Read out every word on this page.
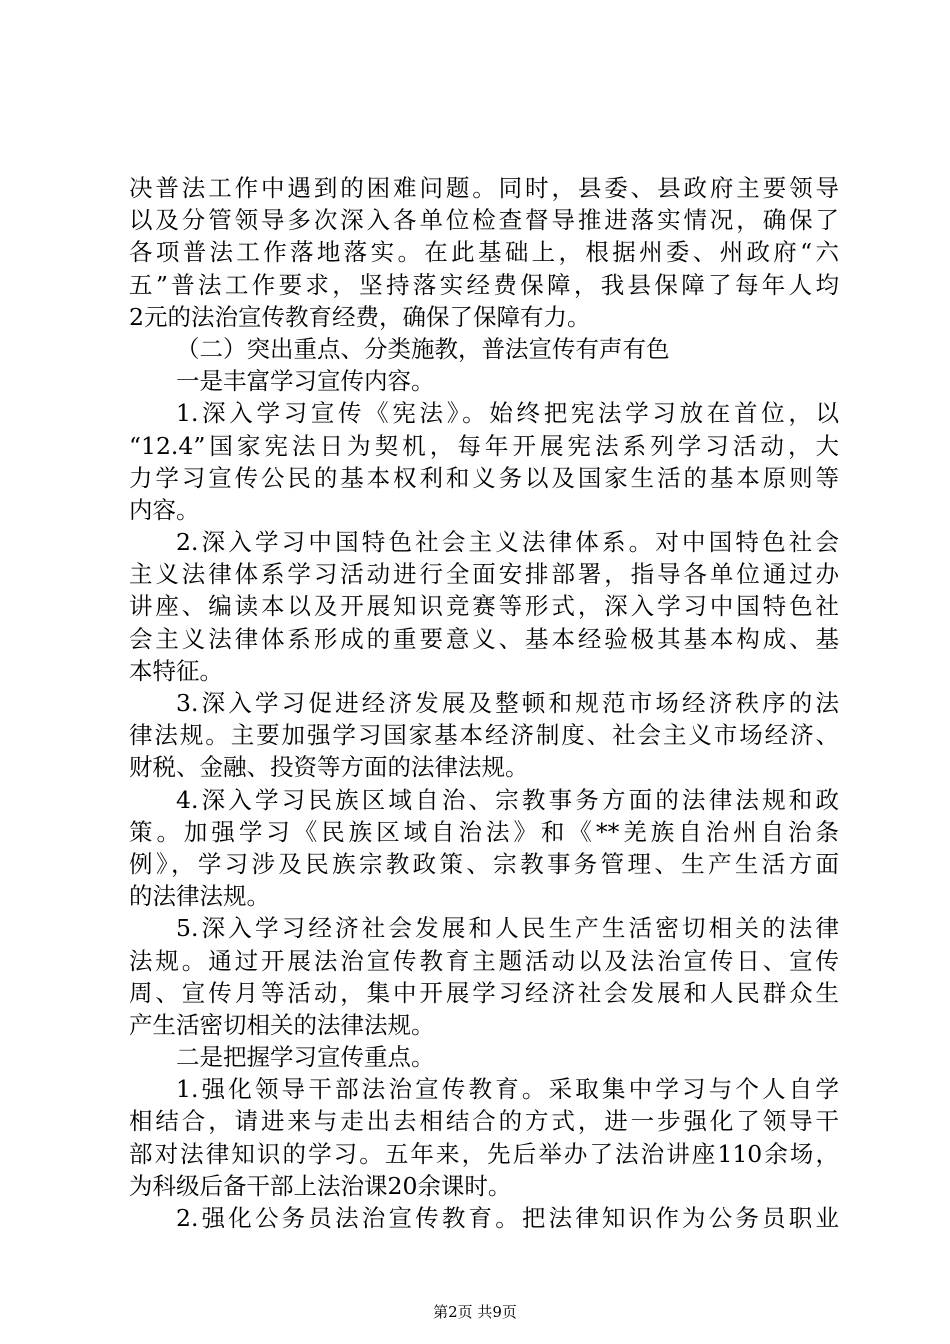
决普法工作中遇到的困难问题。同时，县委、县政府主要领导
以及分管领导多次深入各单位检查督导推进落实情况，确保了
各项普法工作落地落实。在此基础上，根据州委、州政府“六
五”普法工作要求，坚持落实经费保障，我县保障了每年人均
2元的法治宣传教育经费，确保了保障有力。
（二）突出重点、分类施教，普法宣传有声有色
一是丰富学习宣传内容。
1.深入学习宣传《宪法》。始终把宪法学习放在首位，以
“12.4”国家宪法日为契机，每年开展宪法系列学习活动，大
力学习宣传公民的基本权利和义务以及国家生活的基本原则等
内容。
2.深入学习中国特色社会主义法律体系。对中国特色社会
主义法律体系学习活动进行全面安排部署，指导各单位通过办
讲座、编读本以及开展知识竞赛等形式，深入学习中国特色社
会主义法律体系形成的重要意义、基本经验极其基本构成、基
本特征。
3.深入学习促进经济发展及整顿和规范市场经济秩序的法
律法规。主要加强学习国家基本经济制度、社会主义市场经济、
财税、金融、投资等方面的法律法规。
4.深入学习民族区域自治、宗教事务方面的法律法规和政
策。加强学习《民族区域自治法》和《**羌族自治州自治条
例》，学习涉及民族宗教政策、宗教事务管理、生产生活方面
的法律法规。
5.深入学习经济社会发展和人民生产生活密切相关的法律
法规。通过开展法治宣传教育主题活动以及法治宣传日、宣传
周、宣传月等活动，集中开展学习经济社会发展和人民群众生
产生活密切相关的法律法规。
二是把握学习宣传重点。
1.强化领导干部法治宣传教育。采取集中学习与个人自学
相结合，请进来与走出去相结合的方式，进一步强化了领导干
部对法律知识的学习。五年来，先后举办了法治讲座110余场，
为科级后备干部上法治课20余课时。
2.强化公务员法治宣传教育。把法律知识作为公务员职业
第2页 共9页
